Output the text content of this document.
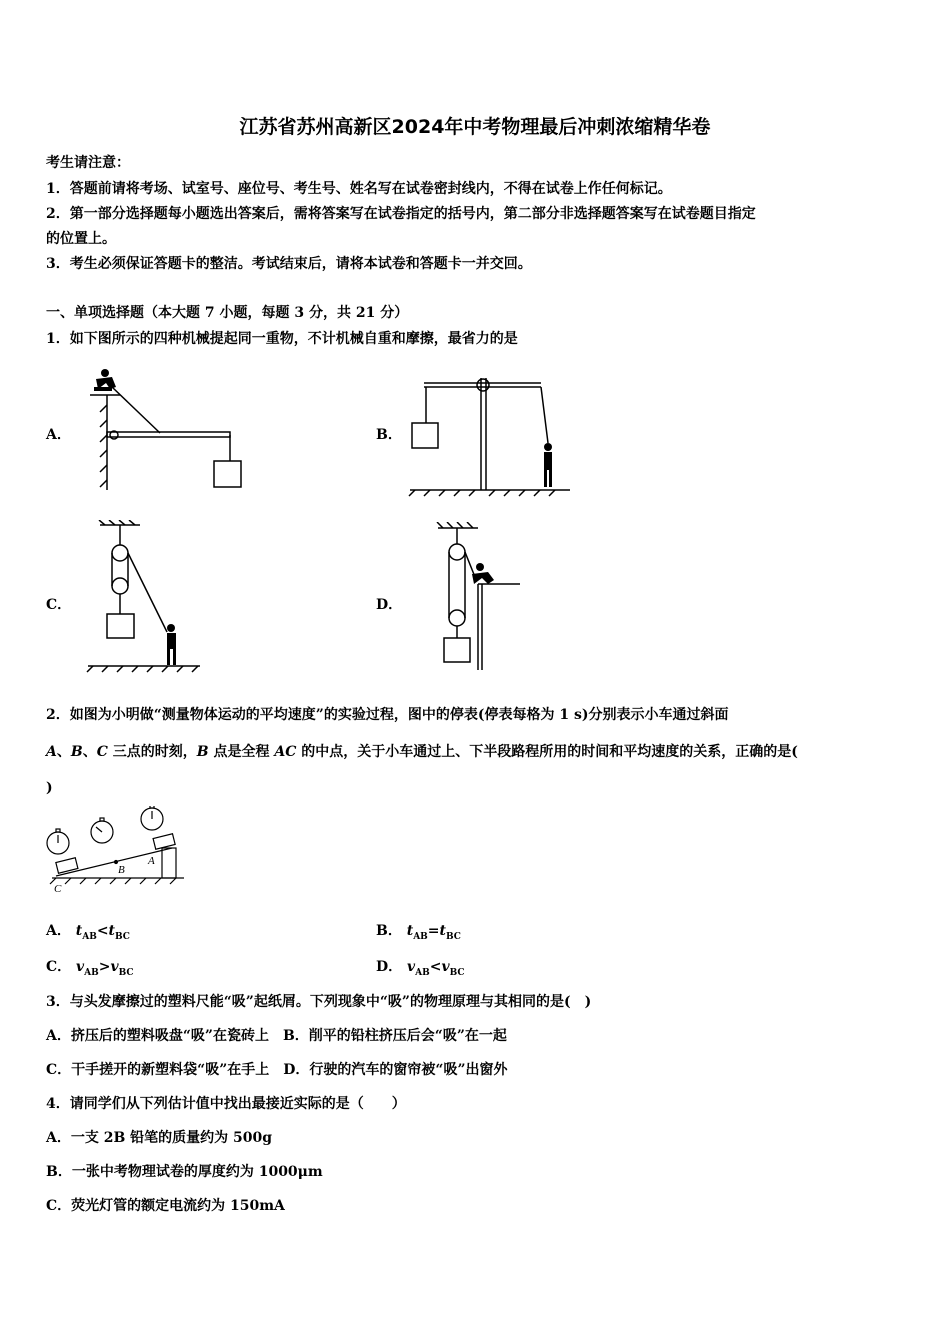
江苏省苏州高新区2024年中考物理最后冲刺浓缩精华卷
考生请注意：
1．答题前请将考场、试室号、座位号、考生号、姓名写在试卷密封线内，不得在试卷上作任何标记。
2．第一部分选择题每小题选出答案后，需将答案写在试卷指定的括号内，第二部分非选择题答案写在试卷题目指定
的位置上。
3．考生必须保证答题卡的整洁。考试结束后，请将本试卷和答题卡一并交回。
一、单项选择题（本大题 7 小题，每题 3 分，共 21 分）
1．如下图所示的四种机械提起同一重物，不计机械自重和摩擦，最省力的是
A．	B．
C．	D．
2．如图为小明做“测量物体运动的平均速度”的实验过程，图中的停表(停表每格为 1 s)分别表示小车通过斜面
A、B、C 三点的时刻，B 点是全程 AC 的中点，关于小车通过上、下半段路程所用的时间和平均速度的关系，正确的是(
)
A
B
C
A． $t_{AB}<t_{BC}$	B． $t_{AB}=t_{BC}$
C． $v_{AB}>v_{BC}$	D． $v_{AB}<v_{BC}$
3．与头发摩擦过的塑料尺能“吸”起纸屑。下列现象中“吸”的物理原理与其相同的是(　)
A．挤压后的塑料吸盘“吸”在瓷砖上　B．削平的铅柱挤压后会“吸”在一起
C．干手搓开的新塑料袋“吸”在手上　D．行驶的汽车的窗帘被“吸”出窗外
4．请同学们从下列估计值中找出最接近实际的是（　　）
A．一支 2B 铅笔的质量约为 500g
B．一张中考物理试卷的厚度约为 1000μm
C．荧光灯管的额定电流约为 150mA
